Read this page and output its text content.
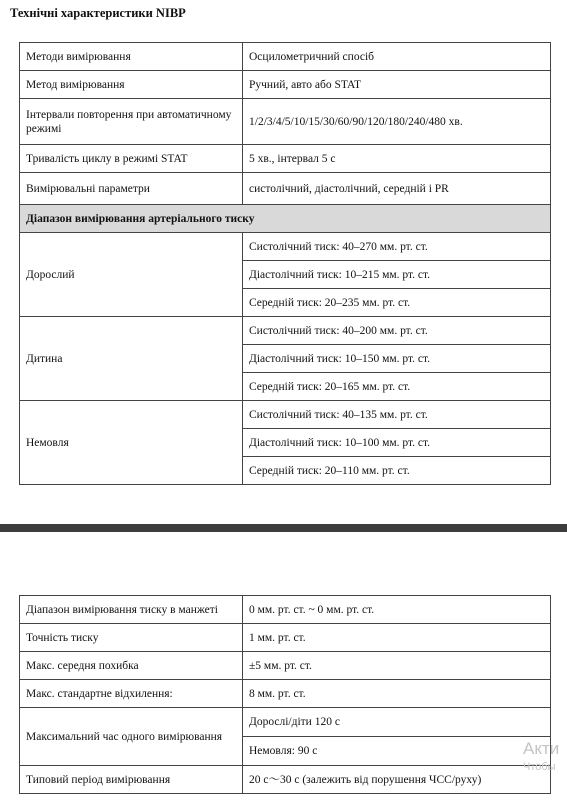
Технічні характеристики NIBP
Методи вимірювання	Осцилометричний спосіб
Метод вимірювання	Ручний, авто або STAT
Інтервали повторення при автоматичному режимі	1/2/3/4/5/10/15/30/60/90/120/180/240/480 хв.
Тривалість циклу в режимі STAT	5 хв., інтервал 5 с
Вимірювальні параметри	систолічний, діастолічний, середній і PR
Діапазон вимірювання артеріального тиску	
Дорослий	Систолічний тиск: 40–270 мм. рт. ст.
	Діастолічний тиск: 10–215 мм. рт. ст.
	Середній тиск: 20–235 мм. рт. ст.
Дитина	Систолічний тиск: 40–200 мм. рт. ст.
	Діастолічний тиск: 10–150 мм. рт. ст.
	Середній тиск: 20–165 мм. рт. ст.
Немовля	Систолічний тиск: 40–135 мм. рт. ст.
	Діастолічний тиск: 10–100 мм. рт. ст.
	Середній тиск: 20–110 мм. рт. ст.
Діапазон вимірювання тиску в манжеті	0 мм. рт. ст. ~ 0 мм. рт. ст.
Точність тиску	1 мм. рт. ст.
Макс. середня похибка	±5 мм. рт. ст.
Макс. стандартне відхилення:	8 мм. рт. ст.
Максимальний час одного вимірювання	Дорослі/діти 120 с
	Немовля: 90 с
Типовий період вимірювання	20 с〜30 с (залежить від порушення ЧСС/руху)
Акти
Чтобы
